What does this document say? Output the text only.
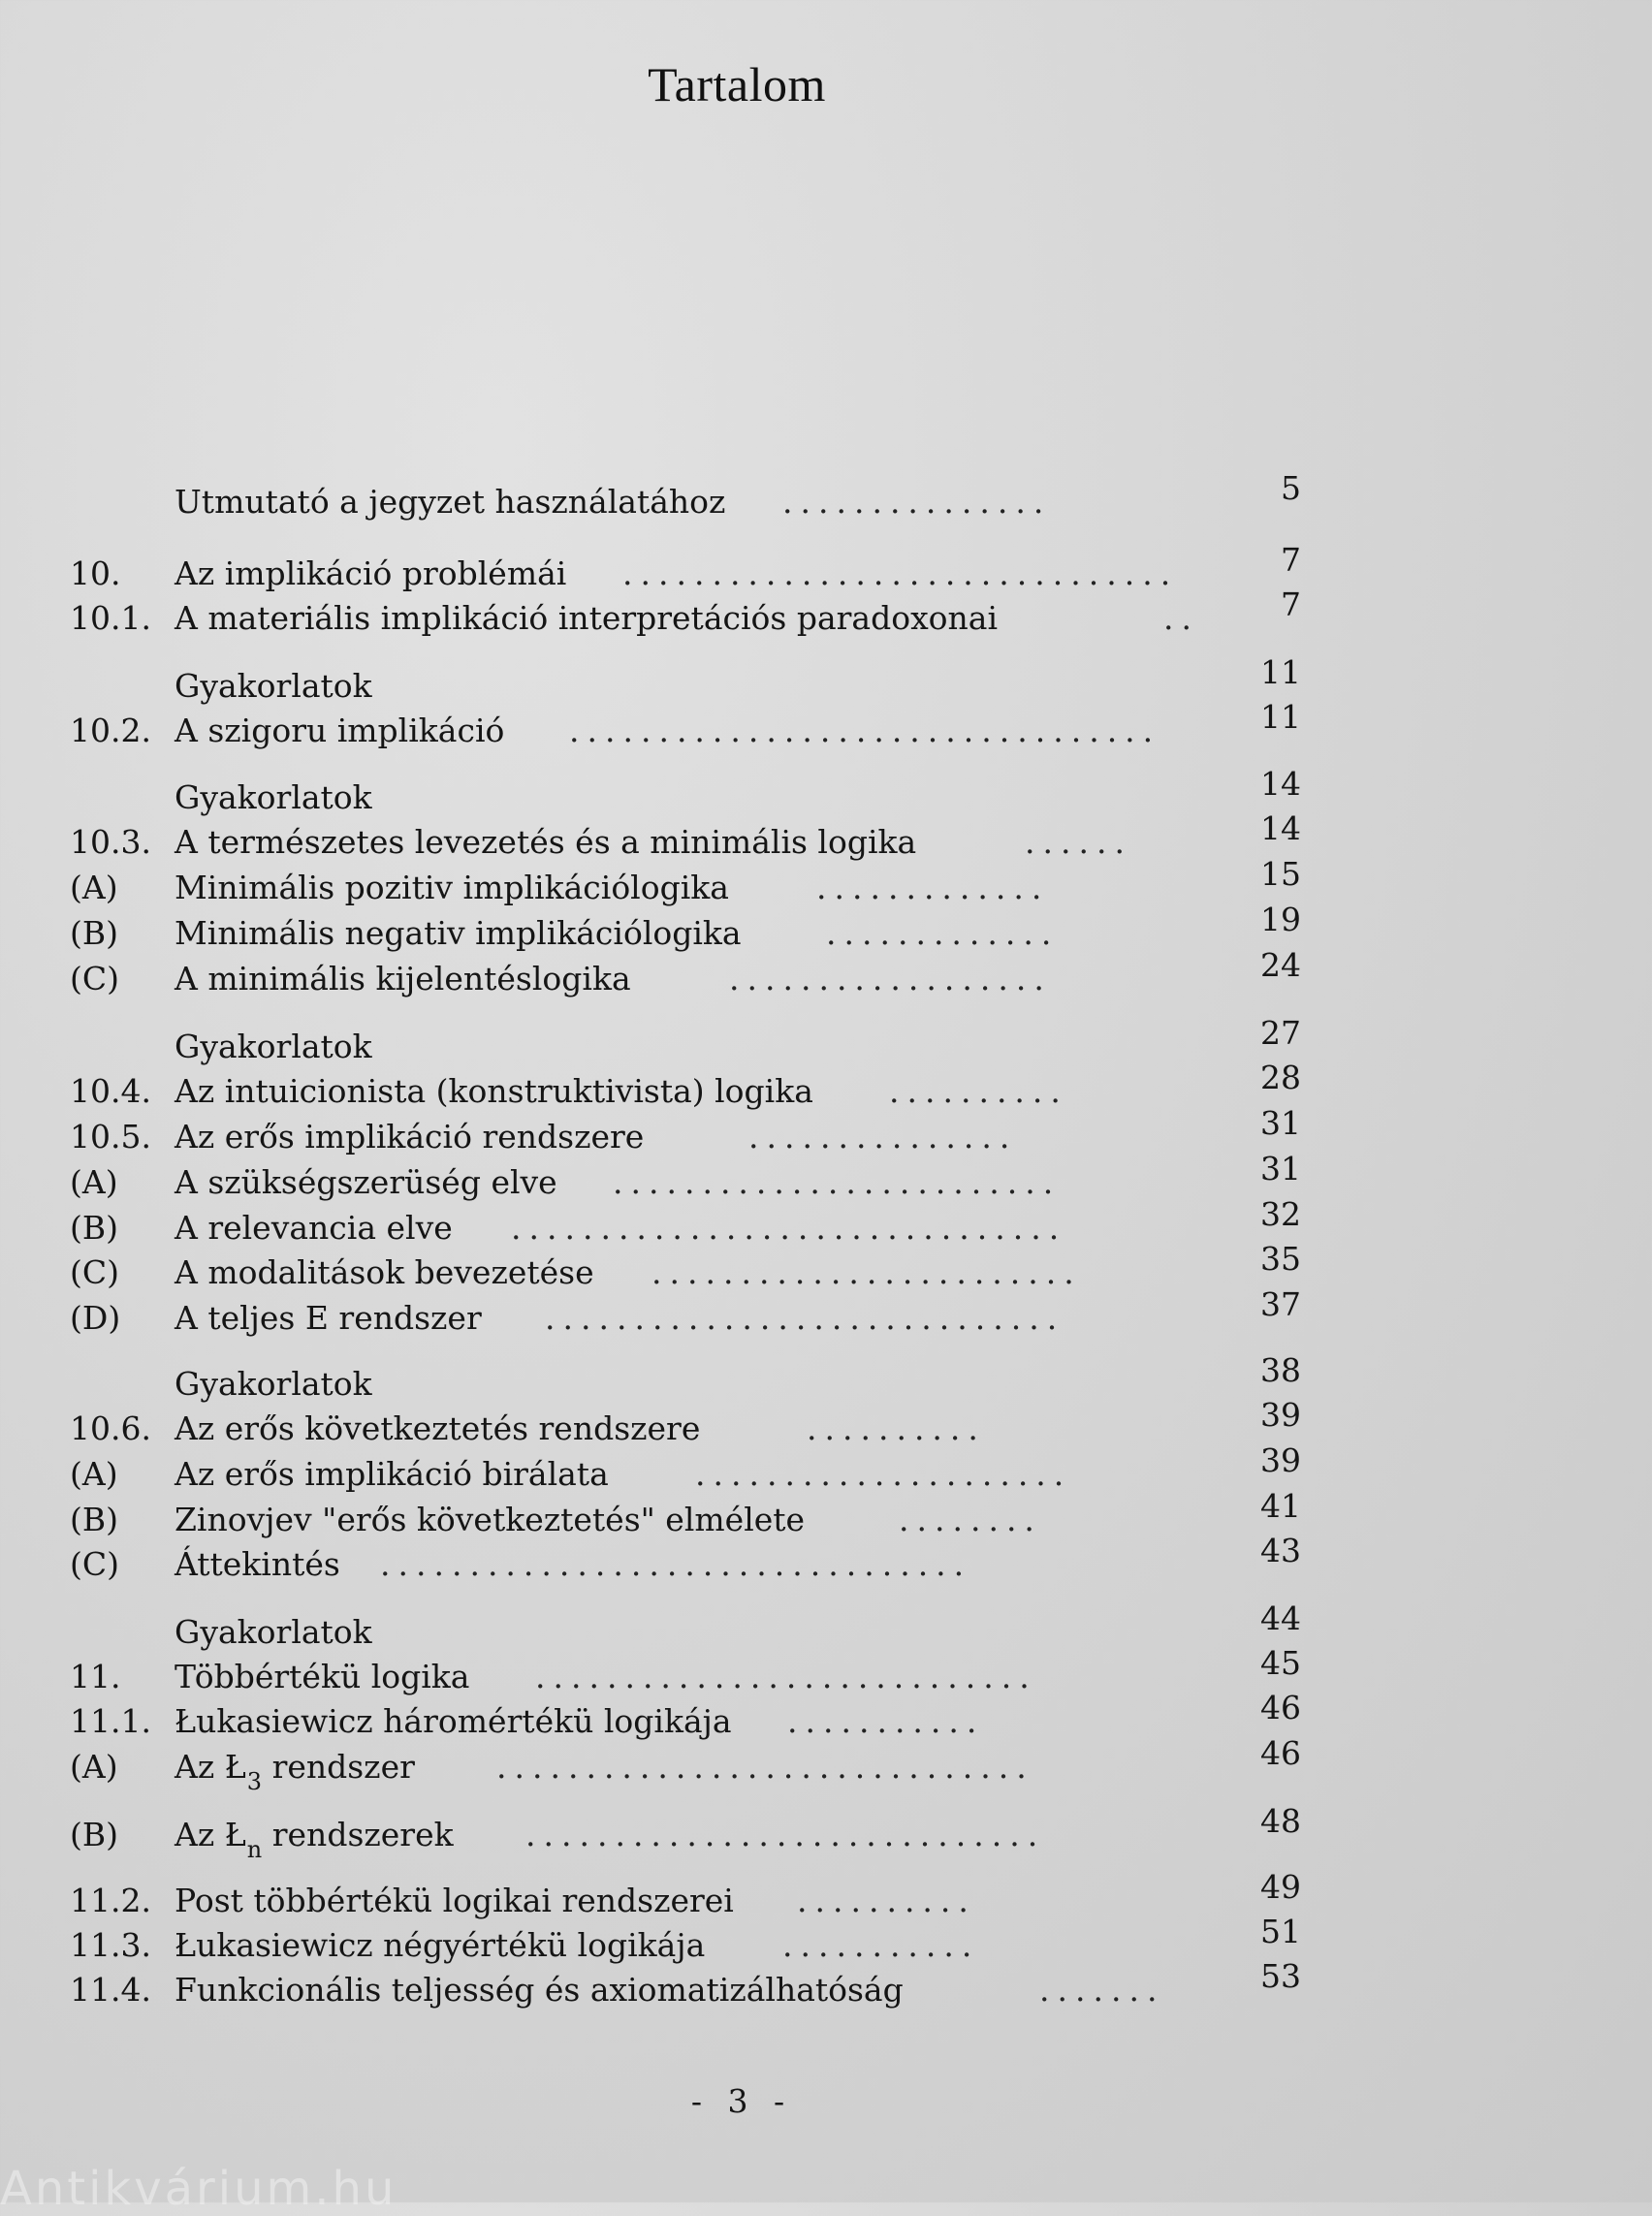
Tartalom
Utmutató a jegyzet használatához ...............	5
10. Az implikáció problémái ...............................	7
10.1. A materiális implikáció interpretációs paradoxonai	..	7
Gyakorlatok	11
10.2. A szigoru implikáció .................................	11
Gyakorlatok	14
10.3. A természetes levezetés és a minimális logika	......	14
(A) Minimális pozitiv implikációlogika	.............	15
(B) Minimális negativ implikációlogika	.............	19
(C) A minimális kijelentéslogika	..................	24
Gyakorlatok	27
10.4. Az intuicionista (konstruktivista) logika ..........	28
10.5. Az erős implikáció rendszere	...............	31
(A) A szükségszerüség elve .........................	31
(B) A relevancia elve ...............................	32
(C) A modalitások bevezetése ........................	35
(D) A teljes E rendszer .............................	37
Gyakorlatok	38
10.6. Az erős következtetés rendszere	..........	39
(A) Az erős implikáció birálata	.....................	39
(B) Zinovjev "erős következtetés" elmélete	........	41
(C) Áttekintés .................................	43
Gyakorlatok	44
11. Többértékü logika ............................	45
11.1. Łukasiewicz háromértékü logikája ...........	46
(A) Az $Ł_3$ rendszer	..............................	46
(B) Az $Ł_n$ rendszerek .............................	48
11.2. Post többértékü logikai rendszerei ..........	49
11.3. Łukasiewicz négyértékü logikája ...........	51
11.4. Funkcionális teljesség és axiomatizálhatóság	.......	53
- 3 -
Antikvárium.hu
